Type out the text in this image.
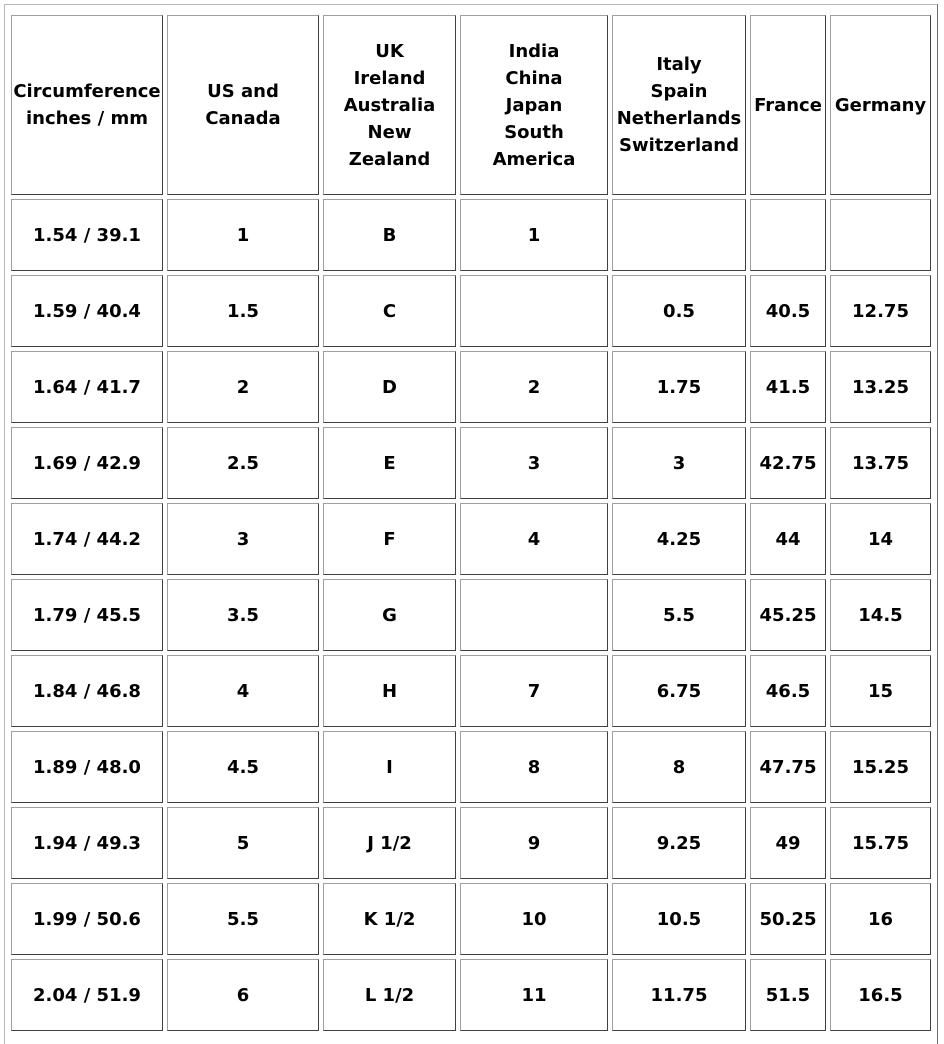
Circumference
inches / mm	US and
Canada	UK
Ireland
Australia
New
Zealand	India
China
Japan
South
America	Italy
Spain
Netherlands
Switzerland	France	Germany

1.54 / 39.1	1	B	1			
1.59 / 40.4	1.5	C		0.5	40.5	12.75
1.64 / 41.7	2	D	2	1.75	41.5	13.25
1.69 / 42.9	2.5	E	3	3	42.75	13.75
1.74 / 44.2	3	F	4	4.25	44	14
1.79 / 45.5	3.5	G		5.5	45.25	14.5
1.84 / 46.8	4	H	7	6.75	46.5	15
1.89 / 48.0	4.5	I	8	8	47.75	15.25
1.94 / 49.3	5	J 1/2	9	9.25	49	15.75
1.99 / 50.6	5.5	K 1/2	10	10.5	50.25	16
2.04 / 51.9	6	L 1/2	11	11.75	51.5	16.5
